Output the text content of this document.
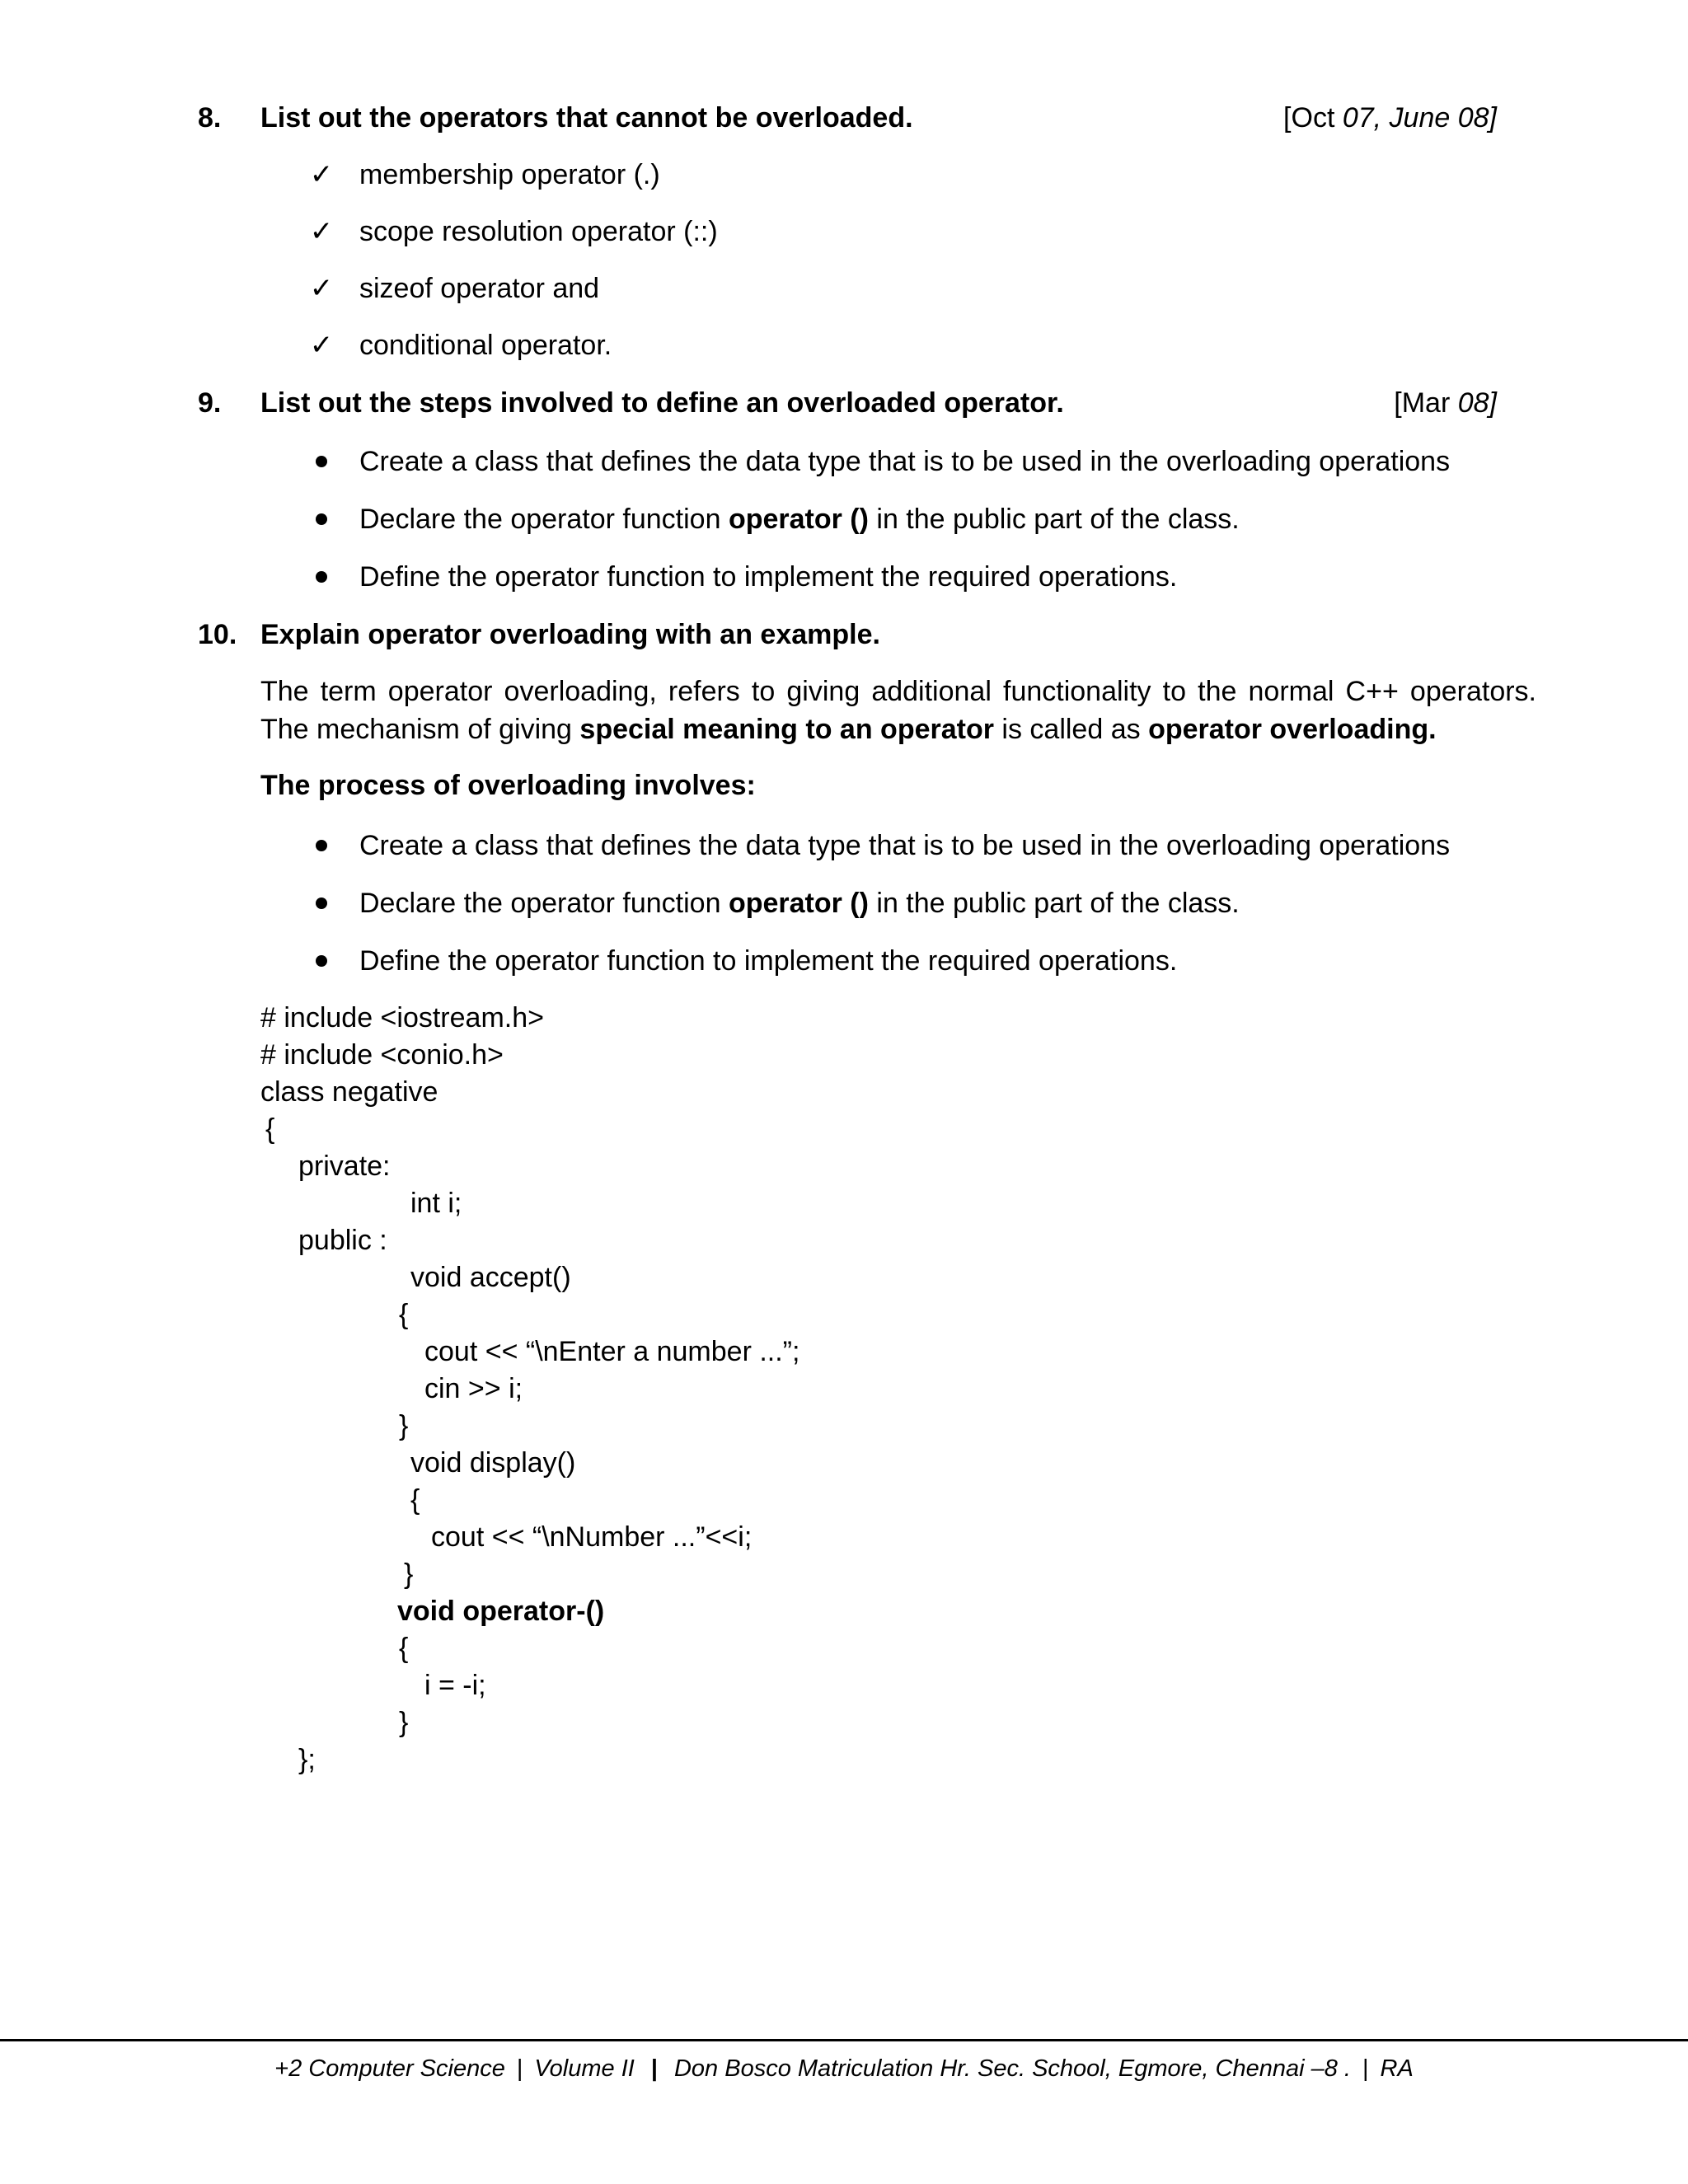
8. List out the operators that cannot be overloaded.	[Oct 07, June 08]
✓ membership operator (.)
✓ scope resolution operator (::)
✓ sizeof operator and
✓ conditional operator.
9. List out the steps involved to define an overloaded operator.	[Mar 08]
Create a class that defines the data type that is to be used in the overloading operations
Declare the operator function operator () in the public part of the class.
Define the operator function to implement the required operations.
10. Explain operator overloading with an example.
The term operator overloading, refers to giving additional functionality to the normal C++ operators. The mechanism of giving special meaning to an operator is called as operator overloading.
The process of overloading involves:
Create a class that defines the data type that is to be used in the overloading operations
Declare the operator function operator () in the public part of the class.
Define the operator function to implement the required operations.
# include <iostream.h>
# include <conio.h>
class negative
{
private:
int i;
public :
void accept()
{
cout << “\nEnter a number ...”;
cin >> i;
}
void display()
{
cout << “\nNumber ...”<<i;
}
void operator-()
{
i = -i;
}
};
+2 Computer Science | Volume II | Don Bosco Matriculation Hr. Sec. School, Egmore, Chennai –8 . | RA
